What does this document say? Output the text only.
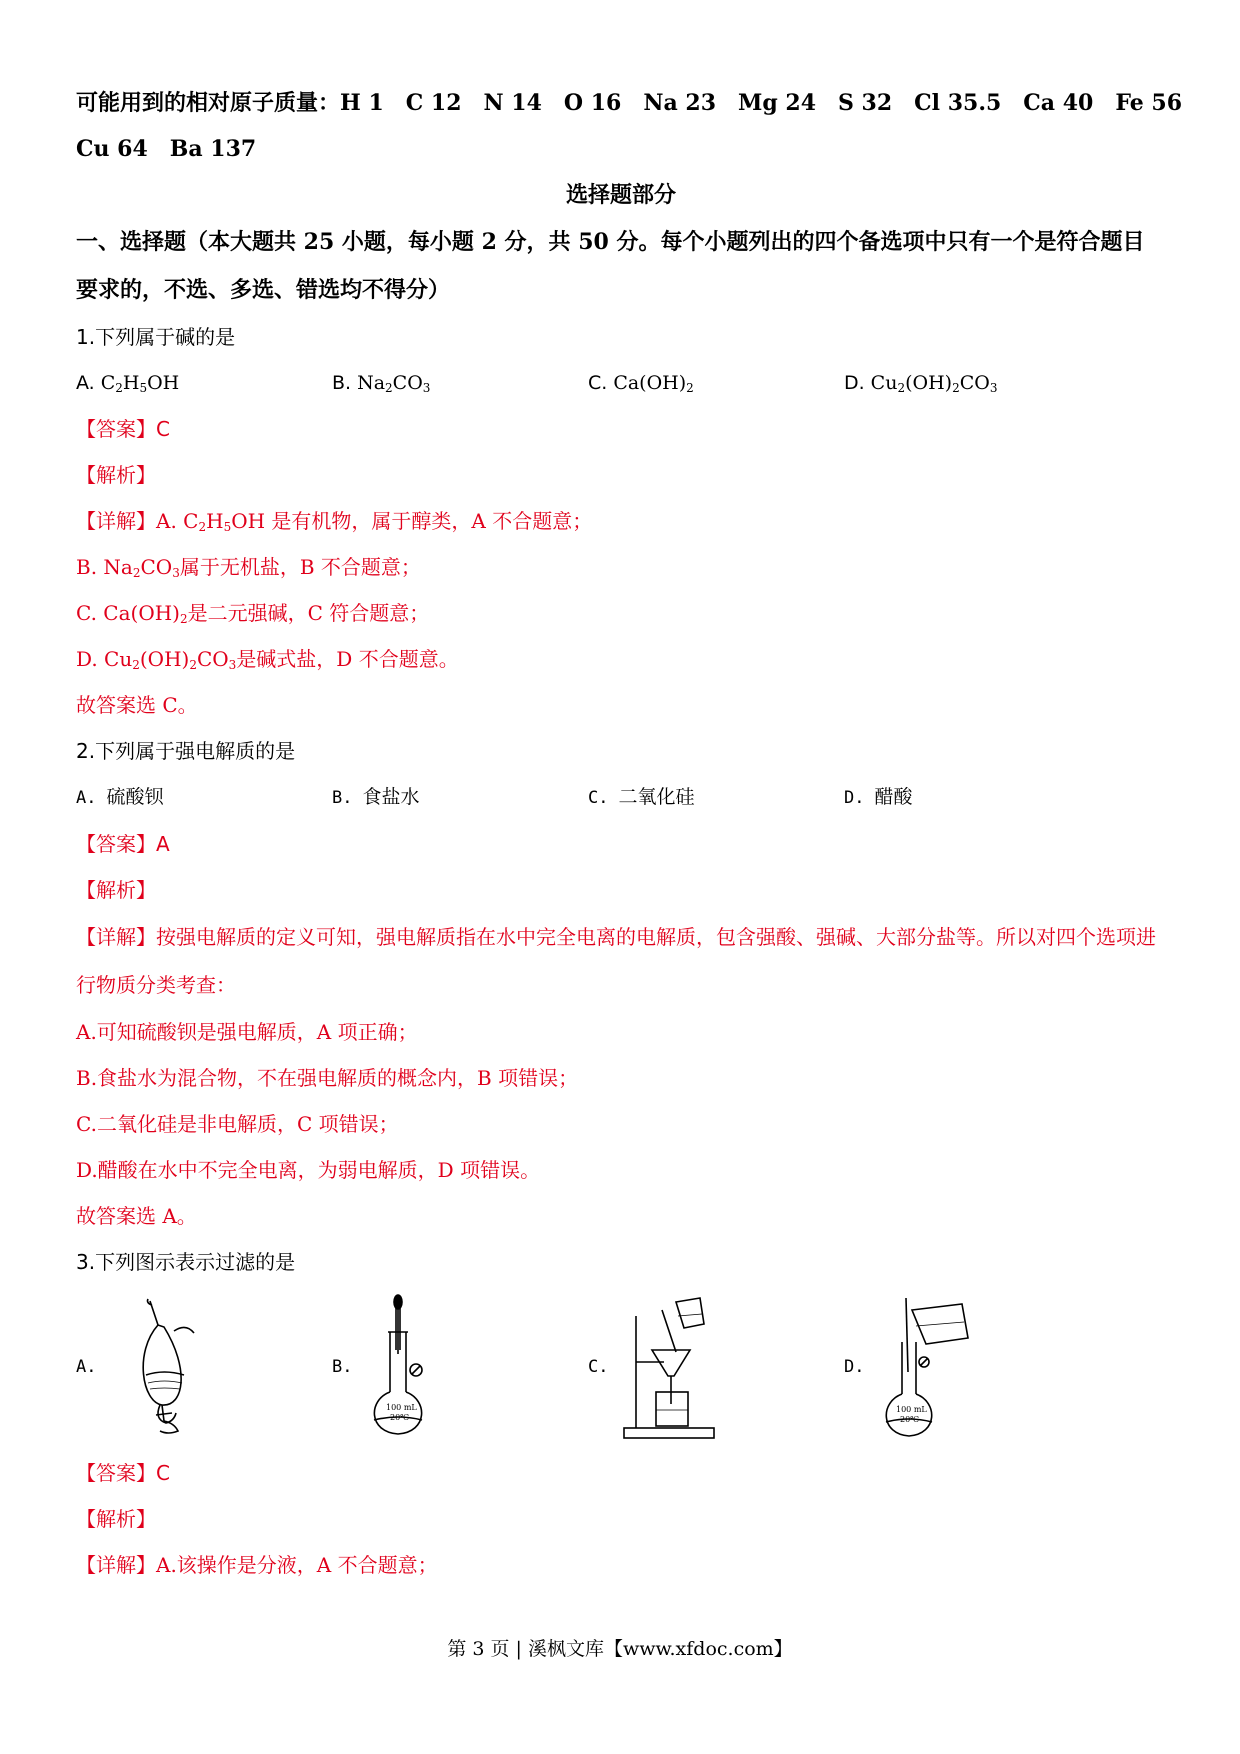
可能用到的相对原子质量：H 1　C 12　N 14　O 16　Na 23　Mg 24　S 32　Cl 35.5　Ca 40　Fe 56
Cu 64　Ba 137
选择题部分
一、选择题（本大题共 25 小题，每小题 2 分，共 50 分。每个小题列出的四个备选项中只有一个是符合题目要求的，不选、多选、错选均不得分）
1.下列属于碱的是
A. $C_2H_5OH$	B. $Na_2CO_3$	C. $Ca(OH)_2$	D. $Cu_2(OH)_2CO_3$
【答案】C
【解析】
【详解】A. $C_2H_5OH$ 是有机物，属于醇类，A 不合题意；
B. $Na_2CO_3$属于无机盐，B 不合题意；
C. $Ca(OH)_2$是二元强碱，C 符合题意；
D. $Cu_2(OH)_2CO_3$是碱式盐，D 不合题意。
故答案选 C。
2.下列属于强电解质的是
A. 硫酸钡	B. 食盐水	C. 二氧化硅	D. 醋酸
【答案】A
【解析】
【详解】按强电解质的定义可知，强电解质指在水中完全电离的电解质，包含强酸、强碱、大部分盐等。所以对四个选项进行物质分类考查：
A.可知硫酸钡是强电解质，A 项正确；
B.食盐水为混合物，不在强电解质的概念内，B 项错误；
C.二氧化硅是非电解质，C 项错误；
D.醋酸在水中不完全电离，为弱电解质，D 项错误。
故答案选 A。
3.下列图示表示过滤的是
A.	B.
100 mL
20℃
C.	D.
100 mL
20℃
【答案】C
【解析】
【详解】A.该操作是分液，A 不合题意；
第 3 页 | 溪枫文库【www.xfdoc.com】
